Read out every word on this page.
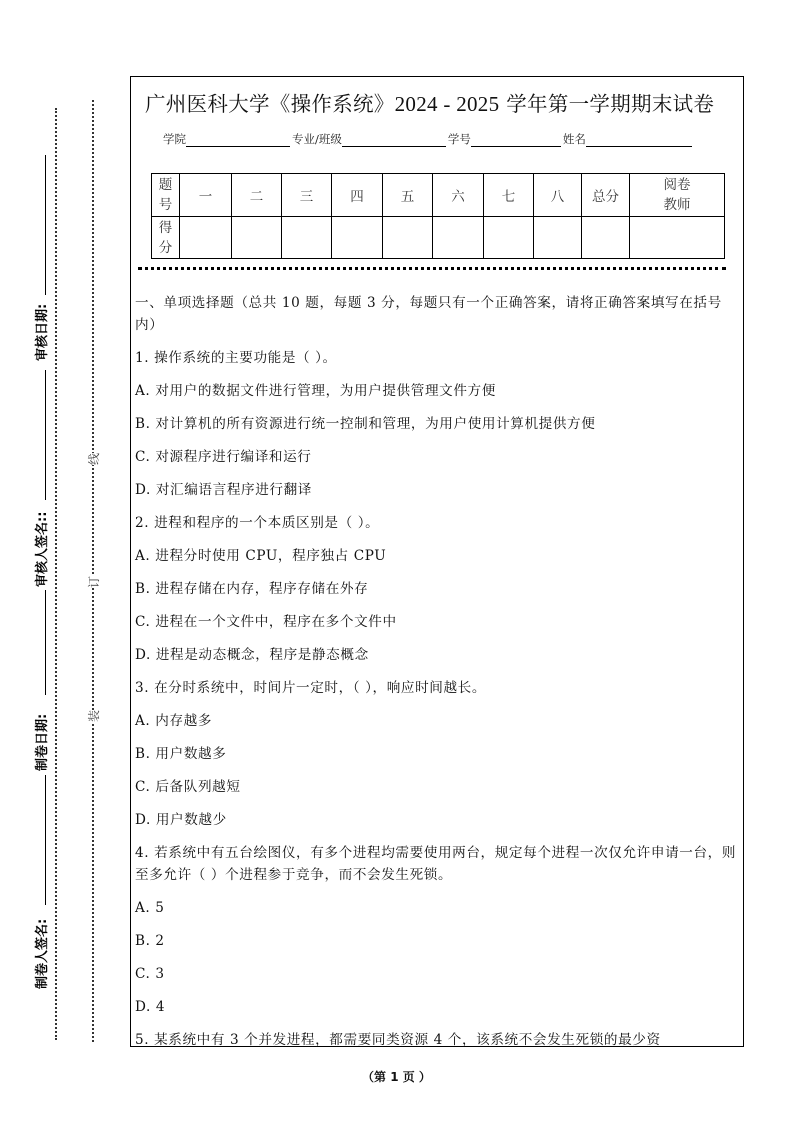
审核日期:
审核人签名::
制卷日期:
制卷人签名:
线
订
装
广州医科大学《操作系统》2024 - 2025 学年第一学期期末试卷
学院	专业/班级	学号	姓名
题号	一	二	三	四	五	六	七	八	总分	阅卷教师
得分										
一、单项选择题（总共 10 题，每题 3 分，每题只有一个正确答案，请将正确答案填写在括号内）
1. 操作系统的主要功能是（ ）。
A. 对用户的数据文件进行管理，为用户提供管理文件方便
B. 对计算机的所有资源进行统一控制和管理，为用户使用计算机提供方便
C. 对源程序进行编译和运行
D. 对汇编语言程序进行翻译
2. 进程和程序的一个本质区别是（ ）。
A. 进程分时使用 CPU，程序独占 CPU
B. 进程存储在内存，程序存储在外存
C. 进程在一个文件中，程序在多个文件中
D. 进程是动态概念，程序是静态概念
3. 在分时系统中，时间片一定时，（ ），响应时间越长。
A. 内存越多
B. 用户数越多
C. 后备队列越短
D. 用户数越少
4. 若系统中有五台绘图仪，有多个进程均需要使用两台，规定每个进程一次仅允许申请一台，则至多允许（ ）个进程参于竞争，而不会发生死锁。
A. 5
B. 2
C. 3
D. 4
5. 某系统中有 3 个并发进程，都需要同类资源 4 个，该系统不会发生死锁的最少资
（第 1 页 ）
